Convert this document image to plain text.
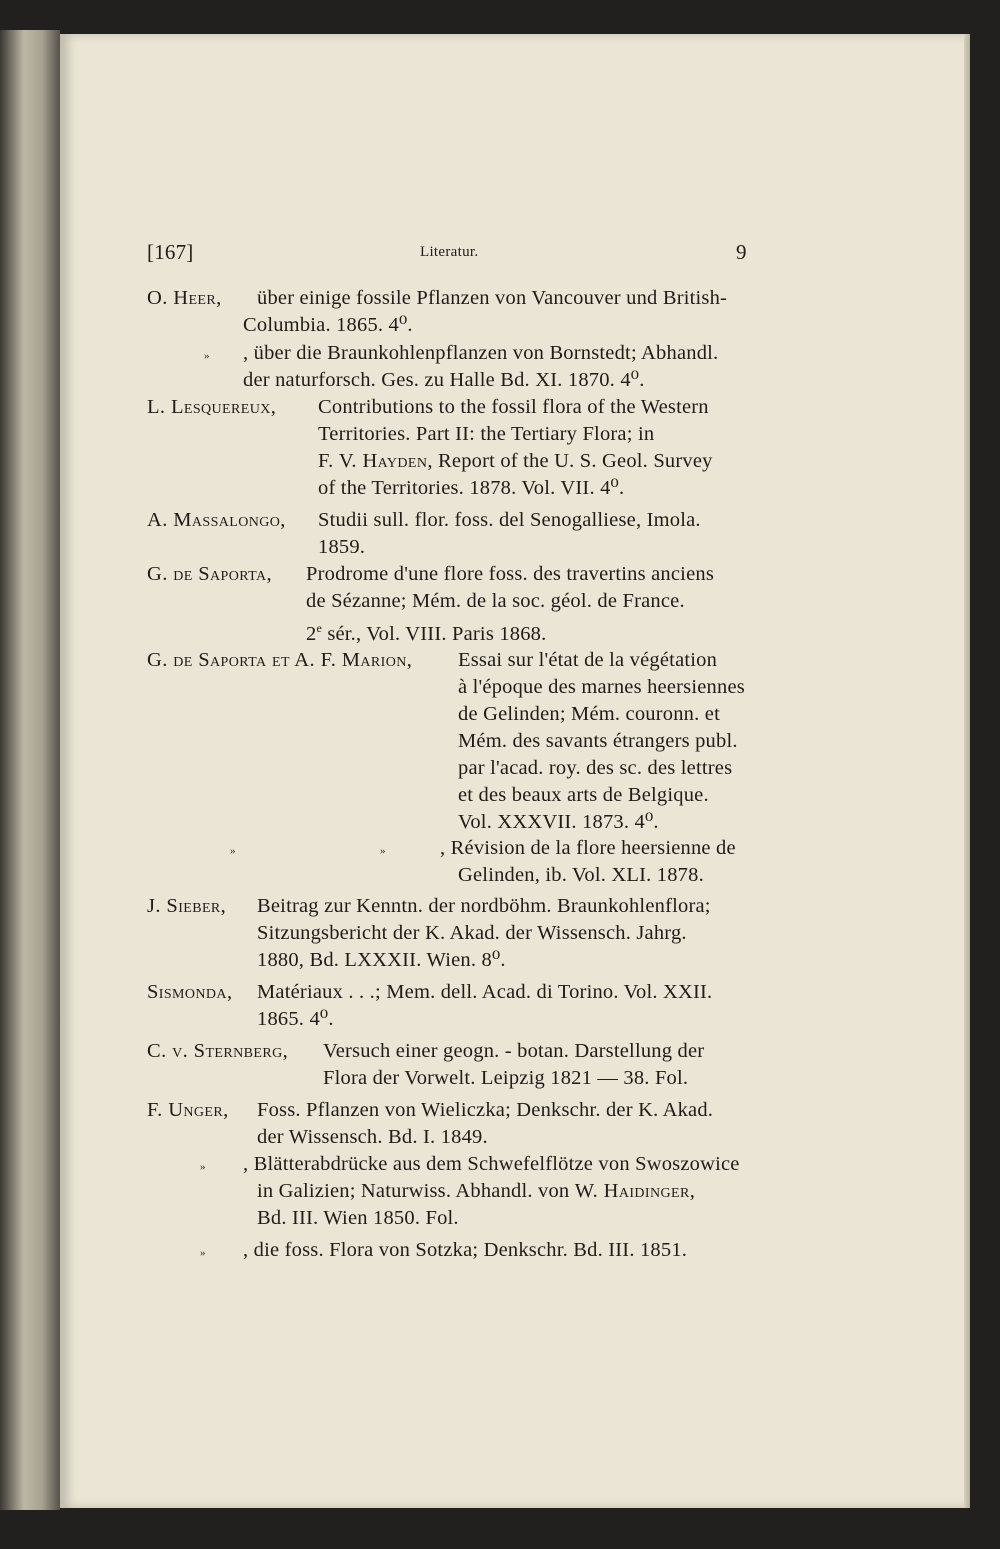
[167]	Literatur.	9
O. Heer, über einige fossile Pflanzen von Vancouver und British-
Columbia. 1865. 4⁰.
» , über die Braunkohlenpflanzen von Bornstedt; Abhandl.
der naturforsch. Ges. zu Halle Bd. XI. 1870. 4⁰.
L. Lesquereux, Contributions to the fossil flora of the Western
Territories. Part II: the Tertiary Flora; in
F. V. Hayden, Report of the U. S. Geol. Survey
of the Territories. 1878. Vol. VII. 4⁰.
A. Massalongo, Studii sull. flor. foss. del Senogalliese, Imola.
1859.
G. de Saporta, Prodrome d'une flore foss. des travertins anciens
de Sézanne; Mém. de la soc. géol. de France.
2e sér., Vol. VIII. Paris 1868.
G. de Saporta et A. F. Marion, Essai sur l'état de la végétation
à l'époque des marnes heersiennes
de Gelinden; Mém. couronn. et
Mém. des savants étrangers publ.
par l'acad. roy. des sc. des lettres
et des beaux arts de Belgique.
Vol. XXXVII. 1873. 4⁰.
»	»	, Révision de la flore heersienne de
Gelinden, ib. Vol. XLI. 1878.
J. Sieber, Beitrag zur Kenntn. der nordböhm. Braunkohlenflora;
Sitzungsbericht der K. Akad. der Wissensch. Jahrg.
1880, Bd. LXXXII. Wien. 8⁰.
Sismonda, Matériaux . . .; Mem. dell. Acad. di Torino. Vol. XXII.
1865. 4⁰.
C. v. Sternberg, Versuch einer geogn. - botan. Darstellung der
Flora der Vorwelt. Leipzig 1821 — 38. Fol.
F. Unger, Foss. Pflanzen von Wieliczka; Denkschr. der K. Akad.
der Wissensch. Bd. I. 1849.
» , Blätterabdrücke aus dem Schwefelflötze von Swoszowice
in Galizien; Naturwiss. Abhandl. von W. Haidinger,
Bd. III. Wien 1850. Fol.
» , die foss. Flora von Sotzka; Denkschr. Bd. III. 1851.
